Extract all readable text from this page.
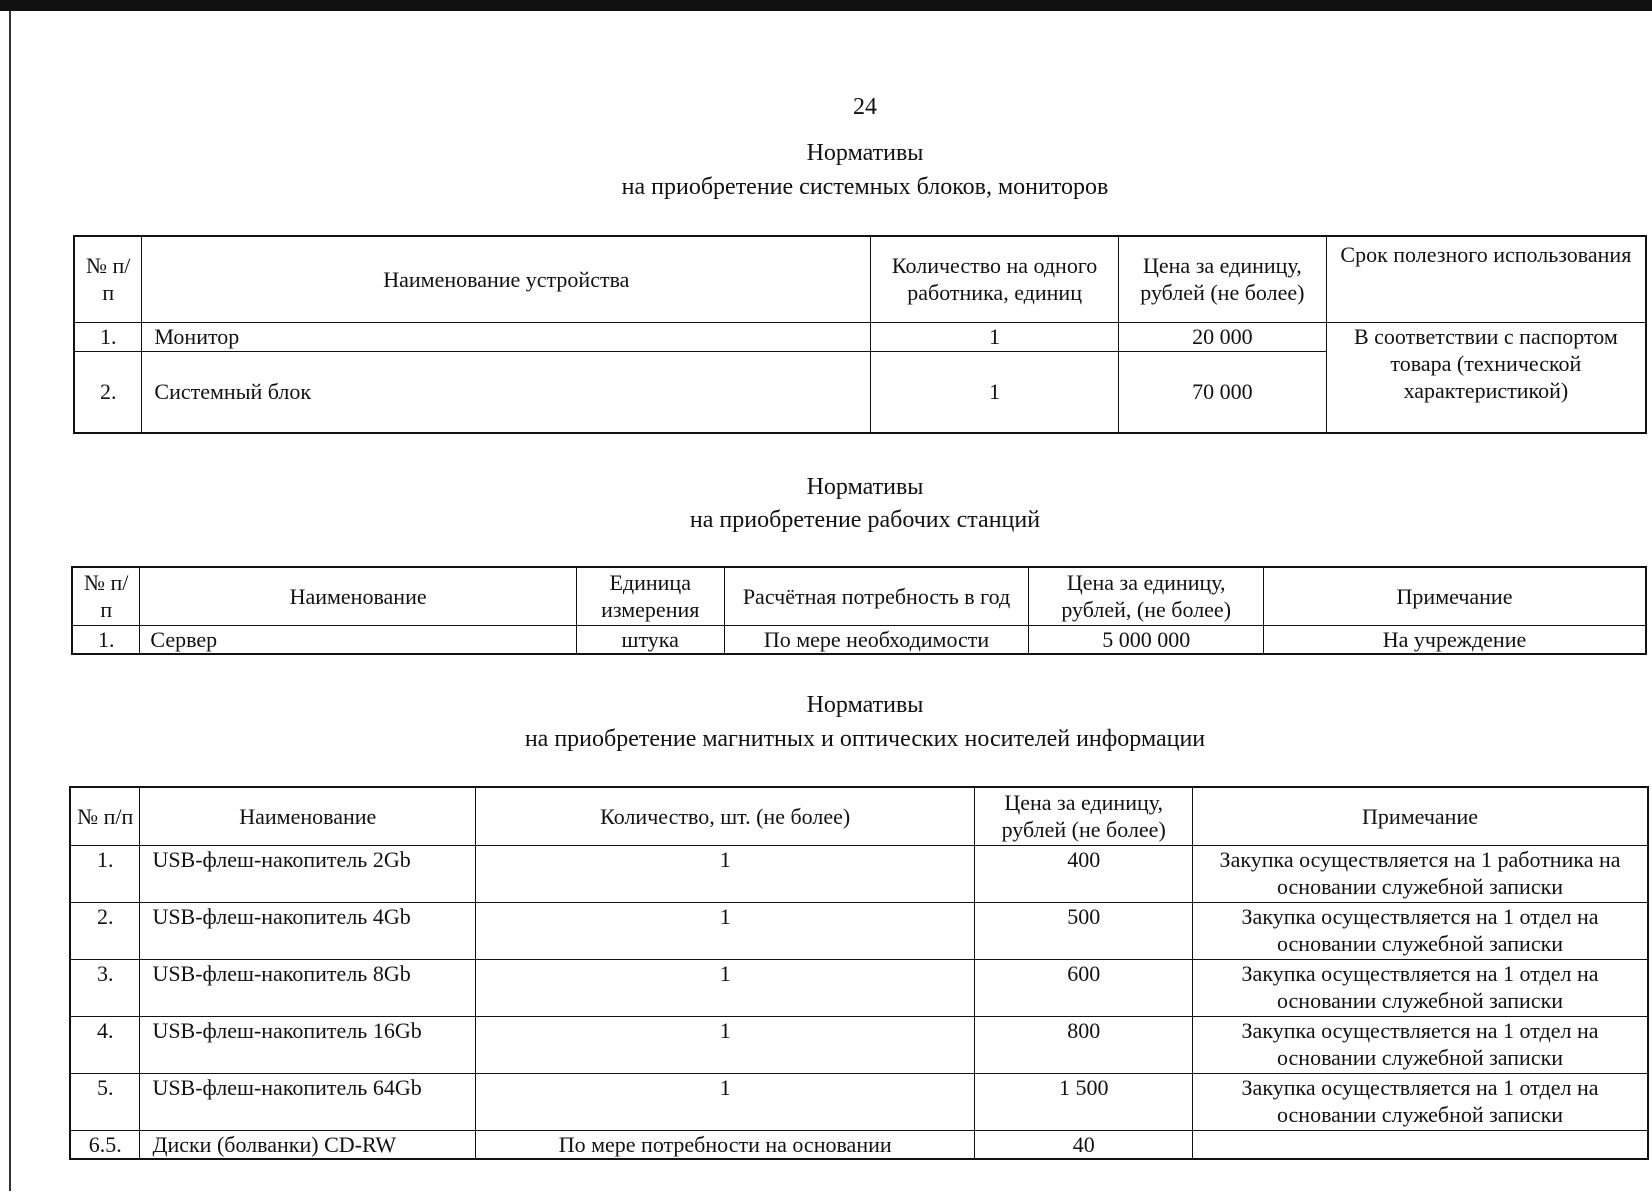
24
Нормативы
на приобретение системных блоков, мониторов
№ п/п	Наименование устройства	Количество на одного работника, единиц	Цена за единицу, рублей (не более)	Срок полезного использования
1.	Монитор	1	20 000	В соответствии с паспортом товара (технической характеристикой)
2.	Системный блок	1	70 000	
Нормативы
на приобретение рабочих станций
№ п/п	Наименование	Единица измерения	Расчётная потребность в год	Цена за единицу, рублей, (не более)	Примечание
1.	Сервер	штука	По мере необходимости	5 000 000	На учреждение
Нормативы
на приобретение магнитных и оптических носителей информации
№ п/п	Наименование	Количество, шт. (не более)	Цена за единицу, рублей (не более)	Примечание
1.	USB-флеш-накопитель 2Gb	1	400	Закупка осуществляется на 1 работника на основании служебной записки
2.	USB-флеш-накопитель 4Gb	1	500	Закупка осуществляется на 1 отдел на основании служебной записки
3.	USB-флеш-накопитель 8Gb	1	600	Закупка осуществляется на 1 отдел на основании служебной записки
4.	USB-флеш-накопитель 16Gb	1	800	Закупка осуществляется на 1 отдел на основании служебной записки
5.	USB-флеш-накопитель 64Gb	1	1 500	Закупка осуществляется на 1 отдел на основании служебной записки
6.5.	Диски (болванки) CD-RW	По мере потребности на основании	40	
